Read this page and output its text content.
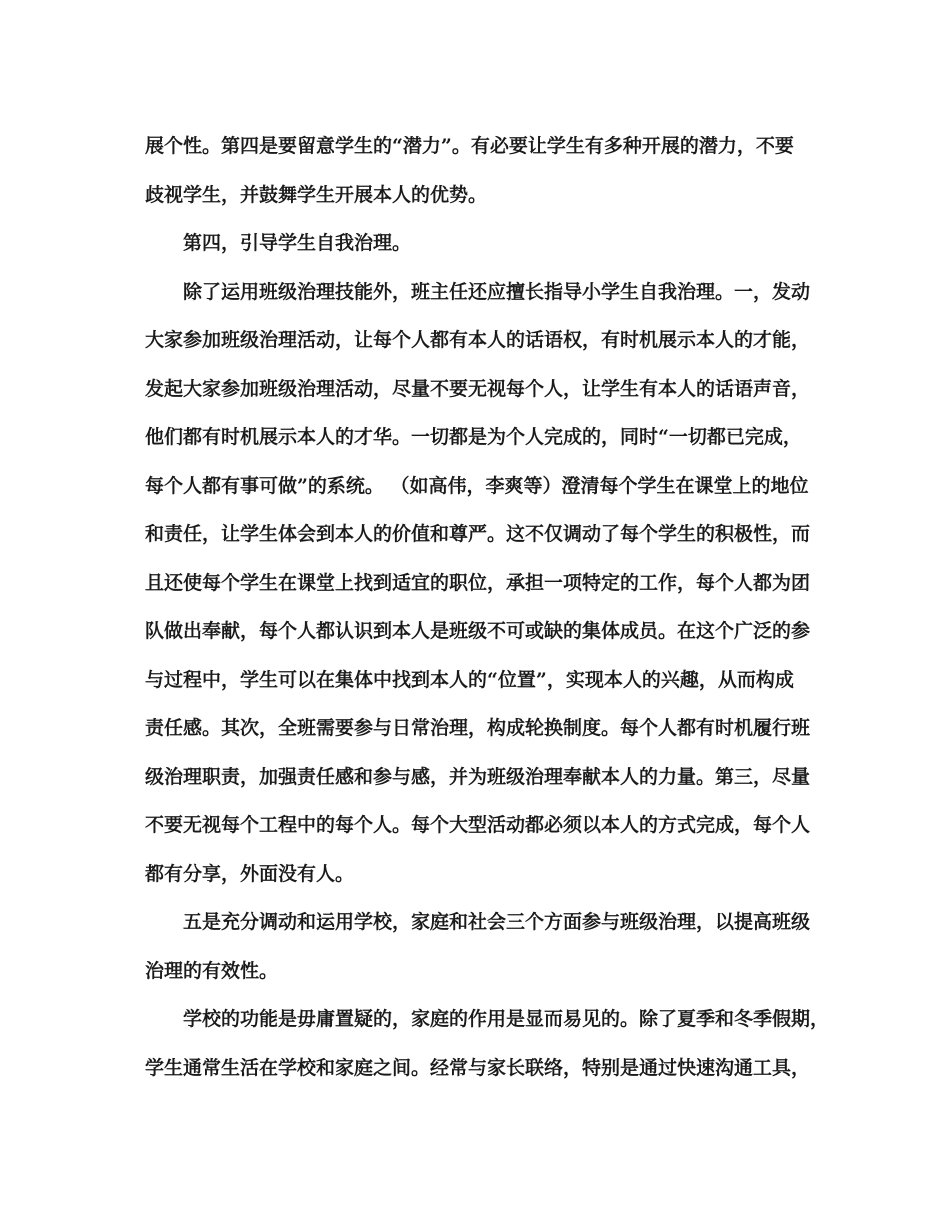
展个性。第四是要留意学生的“潜力”。有必要让学生有多种开展的潜力，不要
歧视学生，并鼓舞学生开展本人的优势。
第四，引导学生自我治理。
除了运用班级治理技能外，班主任还应擅长指导小学生自我治理。一，发动
大家参加班级治理活动，让每个人都有本人的话语权，有时机展示本人的才能，
发起大家参加班级治理活动，尽量不要无视每个人，让学生有本人的话语声音，
他们都有时机展示本人的才华。一切都是为个人完成的，同时“一切都已完成，
每个人都有事可做”的系统。 （如高伟，李爽等）澄清每个学生在课堂上的地位
和责任，让学生体会到本人的价值和尊严。这不仅调动了每个学生的积极性，而
且还使每个学生在课堂上找到适宜的职位，承担一项特定的工作，每个人都为团
队做出奉献，每个人都认识到本人是班级不可或缺的集体成员。在这个广泛的参
与过程中，学生可以在集体中找到本人的“位置”，实现本人的兴趣，从而构成
责任感。其次，全班需要参与日常治理，构成轮换制度。每个人都有时机履行班
级治理职责，加强责任感和参与感，并为班级治理奉献本人的力量。第三，尽量
不要无视每个工程中的每个人。每个大型活动都必须以本人的方式完成，每个人
都有分享，外面没有人。
五是充分调动和运用学校，家庭和社会三个方面参与班级治理，以提高班级
治理的有效性。
学校的功能是毋庸置疑的，家庭的作用是显而易见的。除了夏季和冬季假期，
学生通常生活在学校和家庭之间。经常与家长联络，特别是通过快速沟通工具，
